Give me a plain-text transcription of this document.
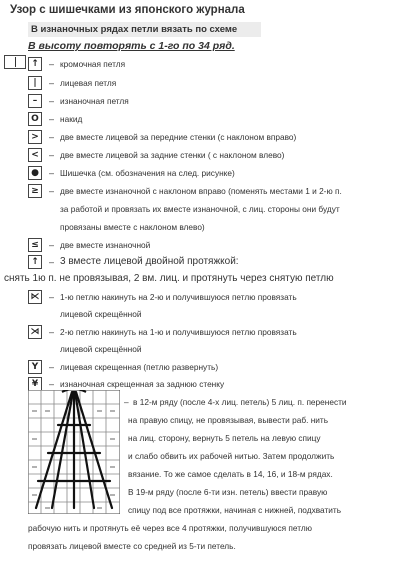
Узор с шишечками из японского журнала
В изнаночных рядах петли вязать по схеме
В высоту повторять с 1-го по 34 ряд.
↑	– кромочная петля
|	– лицевая петля
–	– изнаночная петля
O	– накид
>	– две вместе лицевой за передние стенки (с наклоном вправо)
<	– две вместе лицевой за задние стенки ( с наклоном влево)
●	– Шишечка (см. обозначения на след. рисунке)
≥	– две вместе изнаночной с наклоном вправо (поменять местами 1 и 2-ю п.
за работой и провязать их вместе изнаночной, с лиц. стороны они будут
провязаны вместе с наклоном влево)
≤	– две вместе изнаночной
↑	– 3 вместе лицевой двойной протяжкой:
снять 1ю п. не провязывая, 2 вм. лиц. и протянуть через снятую петлю
⋉ – 1-ю петлю накинуть на 2-ю и получившуюся петлю провязать
лицевой скрещённой
⋊ – 2-ю петлю накинуть на 1-ю и получившуюся петлю провязать
лицевой скрещённой
Y	– лицевая скрещенная (петлю развернуть)
¥	– изнаночная скрещенная за заднюю стенку
– в 12-м ряду (после 4-х лиц. петель) 5 лиц. п. перенести
на правую спицу, не провязывая, вывести раб. нить
на лиц. сторону, вернуть 5 петель на левую спицу
и слабо обвить их рабочей нитью. Затем продолжить
вязание. То же самое сделать в 14, 16, и 18-м рядах.
В 19-м ряду (после 6-ти изн. петель) ввести правую
спицу под все протяжки, начиная с нижней, подхватить
рабочую нить и протянуть её через все 4 протяжки, получившуюся петлю
провязать лицевой вместе со средней из 5-ти петель.
